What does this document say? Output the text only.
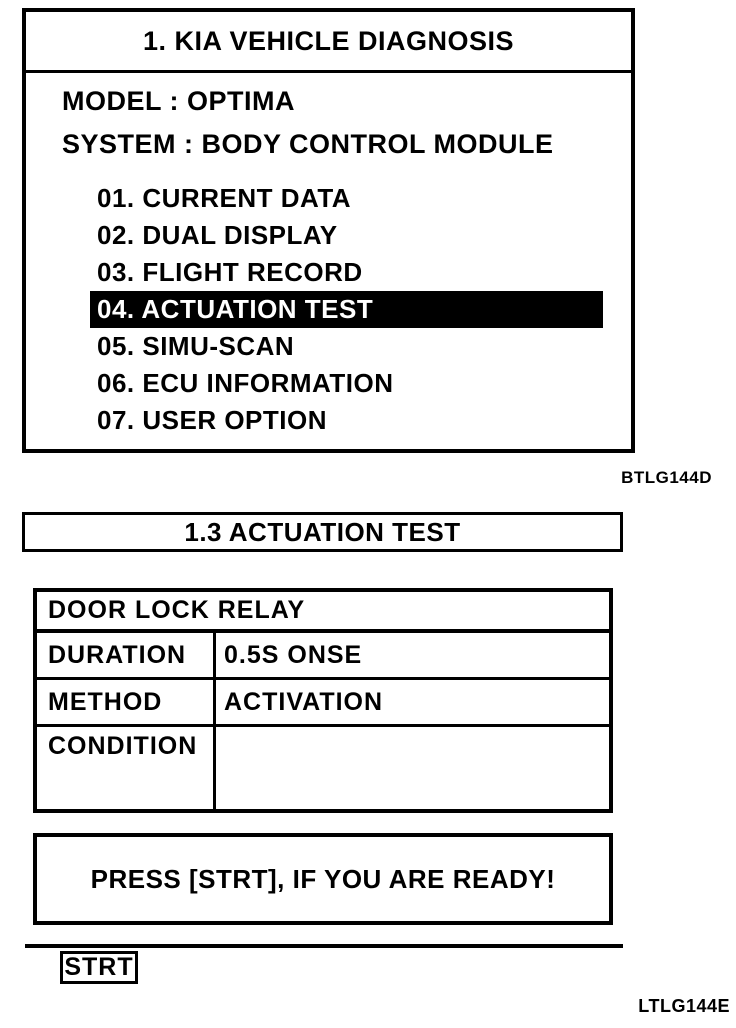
1. KIA VEHICLE DIAGNOSIS
MODEL : OPTIMA
SYSTEM : BODY CONTROL MODULE
01. CURRENT DATA
02. DUAL DISPLAY
03. FLIGHT RECORD
04. ACTUATION TEST
05. SIMU-SCAN
06. ECU INFORMATION
07. USER OPTION
BTLG144D
1.3 ACTUATION TEST
DOOR LOCK RELAY
DURATION	0.5S ONSE
METHOD	ACTIVATION
CONDITION
PRESS [STRT], IF YOU ARE READY!
STRT
LTLG144E
